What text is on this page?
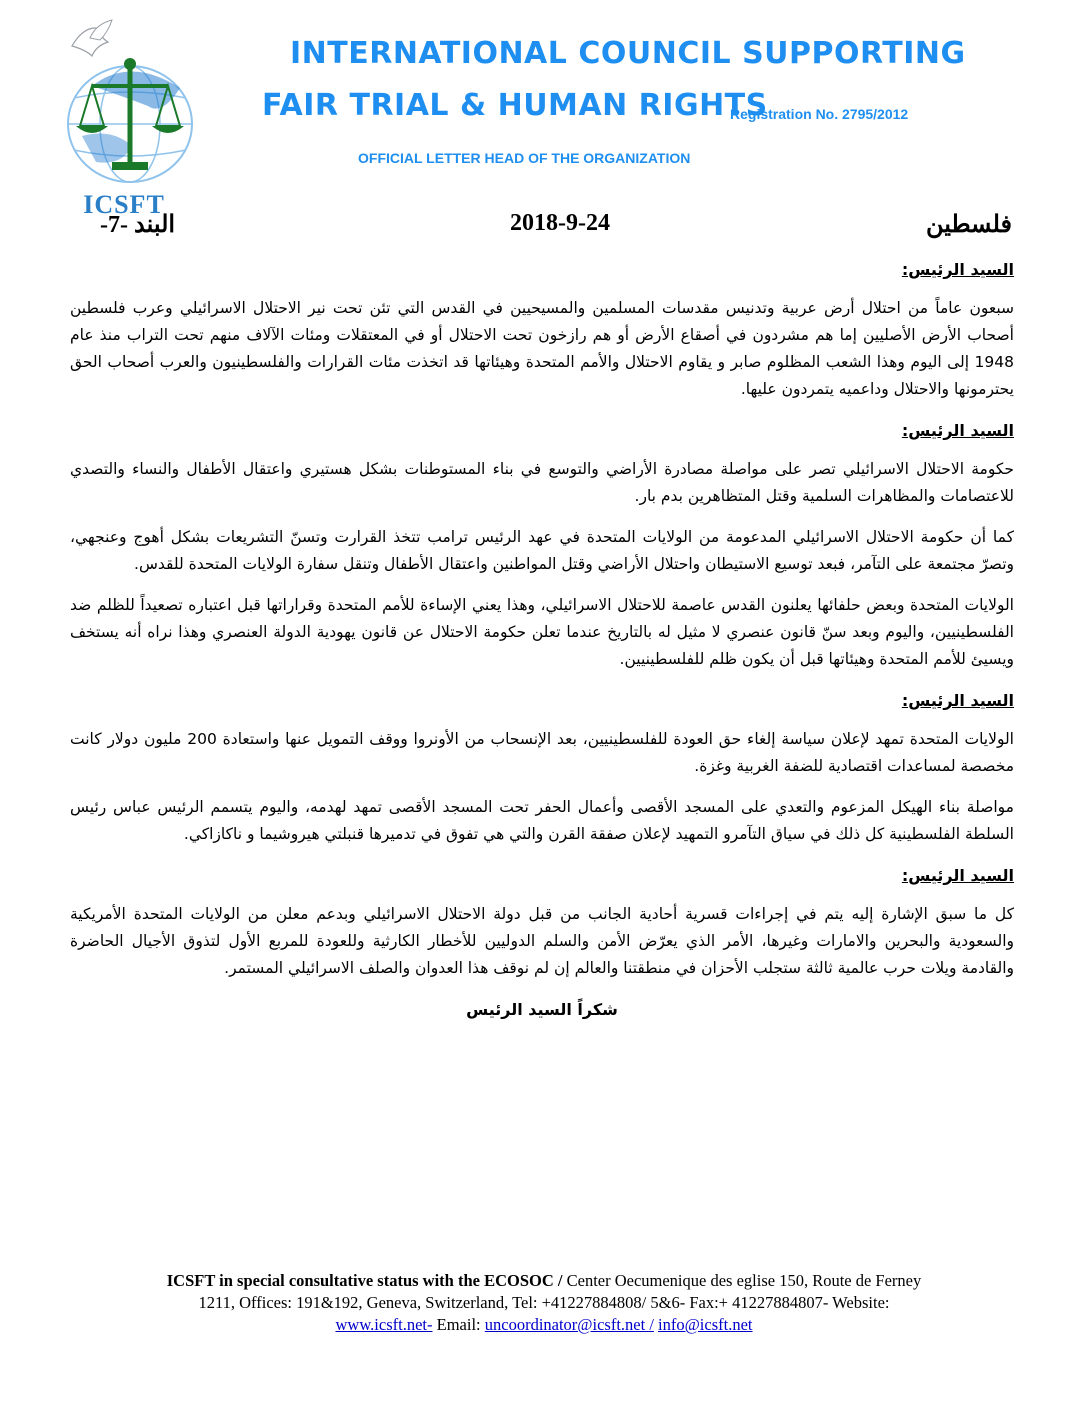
ICSFT
INTERNATIONAL COUNCIL SUPPORTING
FAIR TRIAL & HUMAN RIGHTS
Registration No. 2795/2012
OFFICIAL LETTER HEAD OF THE ORGANIZATION
البند -7-	2018-9-24	فلسطين
السيد الرئيس:

سبعون عاماً من احتلال أرض عربية وتدنيس مقدسات المسلمين والمسيحيين في القدس التي تئن تحت نير الاحتلال الاسرائيلي وعرب فلسطين أصحاب الأرض الأصليين إما هم مشردون في أصقاع الأرض أو هم رازخون تحت الاحتلال أو في المعتقلات ومئات الآلاف منهم تحت التراب منذ عام 1948 إلى اليوم وهذا الشعب المظلوم صابر و يقاوم الاحتلال والأمم المتحدة وهيئاتها قد اتخذت مئات القرارات والفلسطينيون والعرب أصحاب الحق يحترمونها والاحتلال وداعميه يتمردون عليها.

السيد الرئيس:

حكومة الاحتلال الاسرائيلي تصر على مواصلة مصادرة الأراضي والتوسع في بناء المستوطنات بشكل هستيري واعتقال الأطفال والنساء والتصدي للاعتصامات والمظاهرات السلمية وقتل المتظاهرين بدم بار.

كما أن حكومة الاحتلال الاسرائيلي المدعومة من الولايات المتحدة في عهد الرئيس ترامب تتخذ القرارت وتسنّ التشريعات بشكل أهوج وعنجهي، وتصرّ مجتمعة على التآمر، فبعد توسيع الاستيطان واحتلال الأراضي وقتل المواطنين واعتقال الأطفال وتنقل سفارة الولايات المتحدة للقدس.

الولايات المتحدة وبعض حلفائها يعلنون القدس عاصمة للاحتلال الاسرائيلي، وهذا يعني الإساءة للأمم المتحدة وقراراتها قبل اعتباره تصعيداً للظلم ضد الفلسطينيين، واليوم وبعد سنّ قانون عنصري لا مثيل له بالتاريخ عندما تعلن حكومة الاحتلال عن قانون يهودية الدولة العنصري وهذا نراه أنه يستخف ويسيئ للأمم المتحدة وهيئاتها قبل أن يكون ظلم للفلسطينيين.

السيد الرئيس:

الولايات المتحدة تمهد لإعلان سياسة إلغاء حق العودة للفلسطينيين، بعد الإنسحاب من الأونروا ووقف التمويل عنها واستعادة 200 مليون دولار كانت مخصصة لمساعدات اقتصادية للضفة الغربية وغزة.

مواصلة بناء الهيكل المزعوم والتعدي على المسجد الأقصى وأعمال الحفر تحت المسجد الأقصى تمهد لهدمه، واليوم يتسمم الرئيس عباس رئيس السلطة الفلسطينية كل ذلك في سياق التآمرو التمهيد لإعلان صفقة القرن والتي هي تفوق في تدميرها قنبلتي هيروشيما و ناكازاكي.

السيد الرئيس:

كل ما سبق الإشارة إليه يتم في إجراءات قسرية أحادية الجانب من قبل دولة الاحتلال الاسرائيلي وبدعم معلن من الولايات المتحدة الأمريكية والسعودية والبحرين والامارات وغيرها، الأمر الذي يعرّض الأمن والسلم الدوليين للأخطار الكارثية وللعودة للمربع الأول لتذوق الأجيال الحاضرة والقادمة ويلات حرب عالمية ثالثة ستجلب الأحزان في منطقتنا والعالم إن لم نوقف هذا العدوان والصلف الاسرائيلي المستمر.

شكراً السيد الرئيس
ICSFT in special consultative status with the ECOSOC / Center Oecumenique des eglise 150, Route de Ferney
1211, Offices: 191&192, Geneva, Switzerland, Tel: +41227884808/ 5&6- Fax:+ 41227884807- Website:
www.icsft.net- Email: uncoordinator@icsft.net / info@icsft.net
